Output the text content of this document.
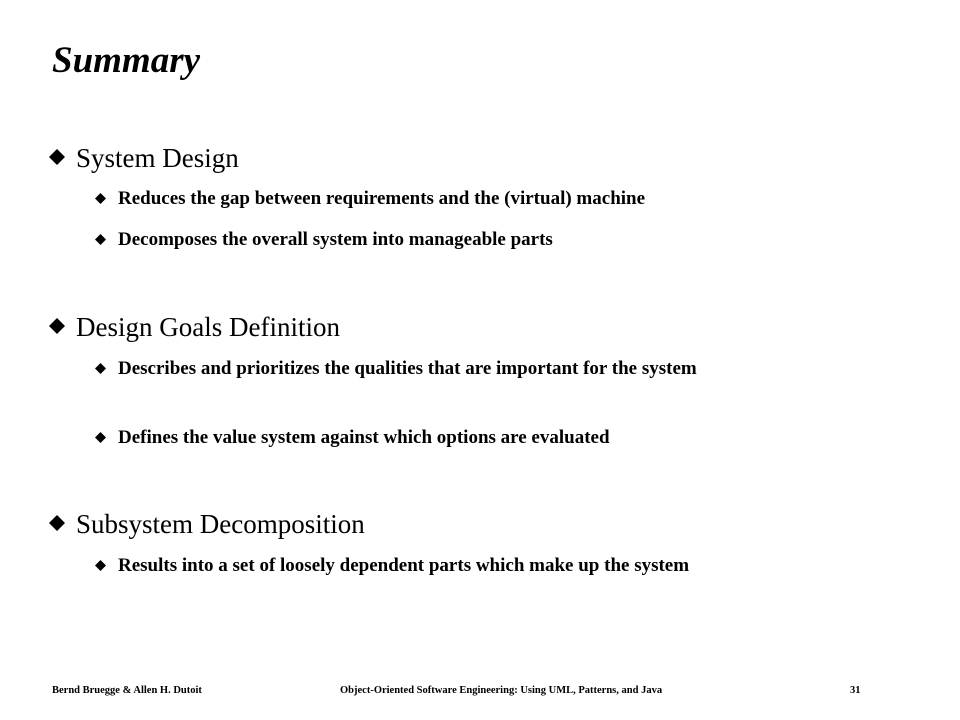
Summary
System Design
Reduces the gap between requirements and the (virtual) machine
Decomposes the overall system into manageable parts
Design Goals Definition
Describes and prioritizes the qualities that are important for the system
Defines the value system against which options are evaluated
Subsystem Decomposition
Results into a set of loosely dependent parts which make up the system
Bernd Bruegge & Allen H. Dutoit	Object-Oriented Software Engineering: Using UML, Patterns, and Java	31
